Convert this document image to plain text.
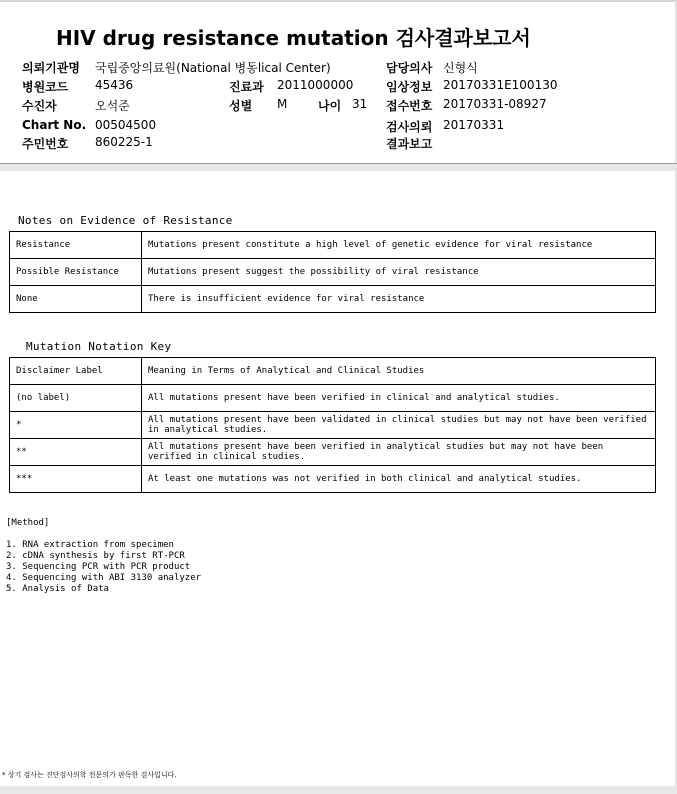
HIV drug resistance mutation 검사결과보고서
의뢰기관명 국립중앙의료원(National 병동lical Center)
병원코드 45436	진료과 2011000000
수진자	오석준	성별 M	나이 31
Chart No. 00504500
주민번호 860225-1
담당의사 신형식
임상정보 20170331E100130
접수번호 20170331-08927
검사의뢰 20170331
결과보고
Notes on Evidence of Resistance
Resistance	Mutations present constitute a high level of genetic evidence for viral resistance
Possible Resistance	Mutations present suggest the possibility of viral resistance
None	There is insufficient evidence for viral resistance
Mutation Notation Key
Disclaimer Label	Meaning in Terms of Analytical and Clinical Studies
(no label)	All mutations present have been verified in clinical and analytical studies.
*	All mutations present have been validated in clinical studies but may not have been verified in analytical studies.
**	All mutations present have been verified in analytical studies but may not have been verified in clinical studies.
***	At least one mutations was not verified in both clinical and analytical studies.
[Method]
1. RNA extraction from specimen
2. cDNA synthesis by first RT-PCR
3. Sequencing PCR with PCR product
4. Sequencing with ABI 3130 analyzer
5. Analysis of Data
* 상기 검사는 진단검사의학 전문의가 판독한 검사입니다.
